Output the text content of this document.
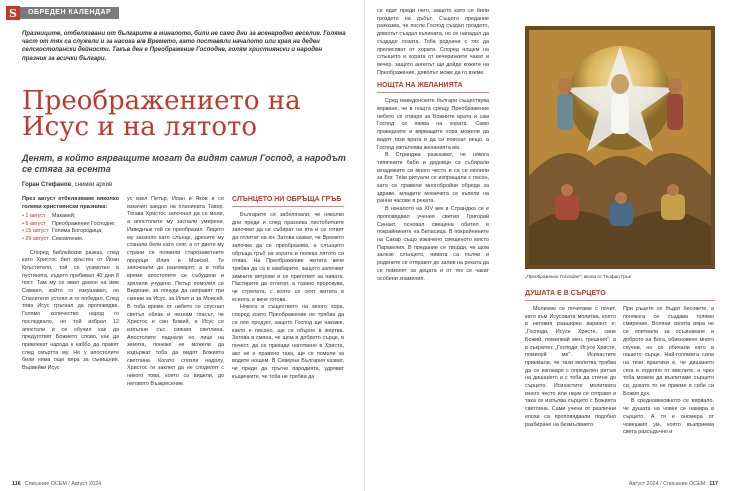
S	ОБРЕДЕН КАЛЕНДАР
Празниците, отбелязвани от българите в миналото, били не само дни за всенародно веселие. Голяма част от тях са служели и за насока в/в Времето, като поставяли началото или края на деден селскостопански дейности. Такъв ден е Преображение Господне, голям християнски и народен празник за всички българи.
Преображението на Исус и на лятото
Денят, в който вярващите могат да видят самия Господ, а народът се стяга за есента
Горан Стефанов, снимки архив

През август отбелязваме няколко големи християнски празника:

• 1 август	Макавей;
• 6 август	Преображение Господне;
• 15 август Голяма Богородица;
• 29 август Сековление.

Според библейския разказ, след като Христос бил кръстен от Йоан Кръстителя, той се усамотил в пустинята, където пребивал 40 дни 8 пост. Там му се явил демон на име Самаел, който го изкушавал, но Спасителя устоял и го победил. След това Исус тръгнал да проповядва. Голямо количество народ го последвало, но той избрал 12 апостоли и се обучил как да предуготвят Божието слово, как да привлекат народа к каббо да правят след смъртта му. Но у апостолите били няма още вяра за сънищния. Вървейки Исус

ус взел Петър, Йоан и Яков и се изкачил заедно на планината Тавор. Тогава Христос започнал да се моли, а апостолите му заспали умирени. Изведнъж той се преобразил. Лицето му засияло като слънце, дрехите му станали бели като сняг, а от двете му страни се появили старозаветните пророци Илия и Моисей. Те започнали да разговарят, а в тоба време апостолите се събудили и зрялили учудено. Петър помолил се Видение, за понуди да направят три скинии за Исус, за Илия и за Моисей. В тоба време от небето се спуснал светъл облак и незнам гласът, че Христос е син Божий, а Исус се изпълни със сияния светлина. Апостолите паднали но лице на земята, понеже не можели да издържат тоба да видят Божията светлина. Когато слязли надолу, Христос ги заклел да не споделят с никого това, което са видели, до неговото Възкресение.

СЛЪНЦЕТО НИ ОБРЪЩА ГРЪБ

Българите се забелязали, че няколко дни преди и след празника листобитките започват да се събират на ята и се готвят да отлитат на юг. Затова казват, че Времето започва да се преобразява, а слънцето обръща гръб на хората и полека лятото си отива. На Преображение житата вече трябва да са в хамбарите, защото започват зимните ветрове и се приготвят за нивата. Пастирите да отлитат, а тазано пророкува, че стрелата, с която се сеят житата в есента, е вече готова.

Някога в съществото на много хора, според които Преображение не трябва да се пее продукт, защото Господ ще накаже, както е писано, ще се обърне в жертва. Затова в смяна, че щом в доброто сърце, в почест, да се прекади наготвено в Христа, ако не е правено така, ще се помоли за водите нощем. В Северна България казват, че преди да тръгне пародията, удряват къщичките, че тоба не трябва да

116 Списание ОСЕМ / Август 2024

се ядат преди него, защото като се били гроздето на дъбът. Същото предание разказва, че после Господ създал гроздето, дяволът създал къпината, но се нападал да създаде лозата. Тоба роднини с тях да прелисяват от хората. Според нощем на слънцето и хората от вечеринките чакат и вечер, защото ангелът ще дойде кожите на Преображение, дяволът може да го вземе.

НОЩТА НА ЖЕЛАНИЯТА

Сред македонските българи съществува вярване, че в нощта срещу Преображение небето се отваря за Божиите врата и сам Господ се явява на хората. Само праведните и вярващите хора можели да видят тази врата и да си поискат нещо, а Господ изпълнява желанията им.

В Странджа разказват, че някога типичните баби и дядовци са събирали младежите си много често и са се молили за Бог. Тези ритуали се изпращали с песен, като се правели многобройни обреди за здраве, младите момичета се къпели на ранни часове в реката.

В началото на XIV век в Странджа се е проповядвал учения светия Григорий Синаит, основал свещена обител в покрайнините на Беласица. В покрайнините на Сакар също изкачено свещеното място Паракелия. В предание се твърди, че щом залезе слънцето, нивата са пълни и родените се отправят до залив на реката да се помолят за децата и от тях се чакат особени знамения.	„Преображение Господне", икона от Теофан Грък
ДУШАТА Е В СЪРЦЕТО

Молихме се почитаме с почит, като към Исусовата молитва, която в неговия разширен вариант е: „Господи, Исусе Христе, сине Божий, помилвай мен, грешния", а в съкратен: „Господи, Исусе Христе, помилуй ме". Исихастите приемали, че тази молитва трябва да се изговаря с определен ритъм на дишането и с тоба да стигне до сърцето. Исихастите молитвата много често или наум се отправя и така се изпълва сърцето с Божията светлина. Сами учени от различни епохи са проповядвали подобно разбиране на безмълвието.

При ръцете се бъдат бесовете, а понякога се създава голямо смирение. Воляни своята вяра не се опитвали за осъзнаване и доброто на Бога, обикновено много скучни, но се обичали като в нашето сърце. Най-голямата сила на тези практики е, че дишането сега е отделно от мислите, а чрез тоба можем да възпитаме сърцето си, докато то не приеме в себе си Божия дух.

В средновековното се вярвало, че душата на човек се намира в сърцето. А тя е ономера от човешкия ум, която възприема света разсъдъчно и

Август 2024 / Списание ОСЕМ 117
